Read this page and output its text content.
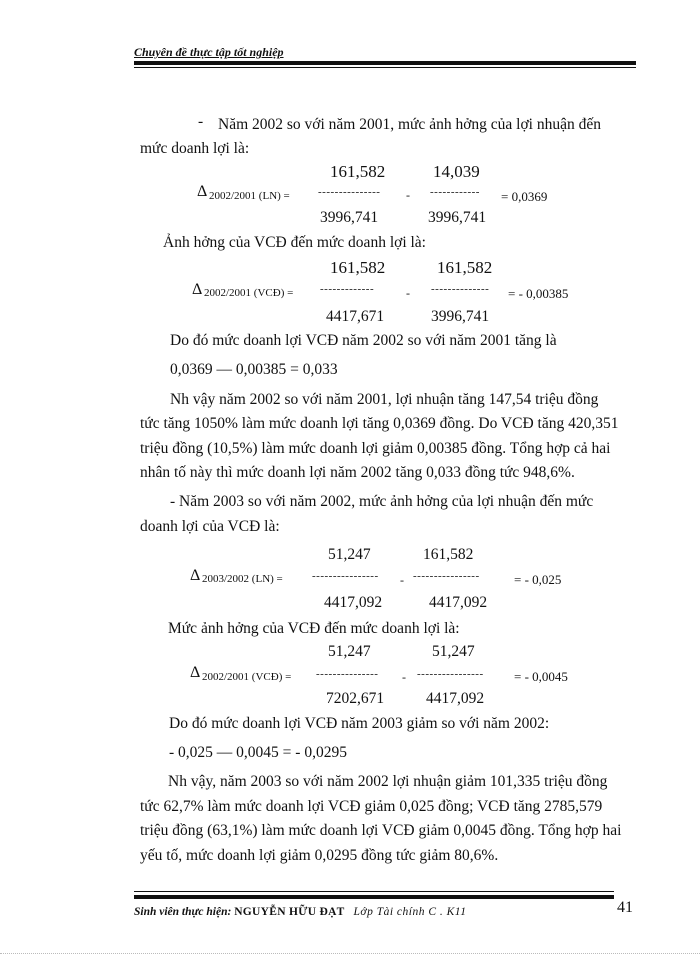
Chuyên đề thực tập tốt nghiệp
- Năm 2002 so với năm 2001, mức ảnh hởng của lợi nhuận đến
mức doanh lợi là:
161,582	14,039
Δ 2002/2001 (LN) =	--------------- - ------------ = 0,0369
3996,741	3996,741
Ảnh hởng của VCĐ đến mức doanh lợi là:
161,582	161,582
Δ 2002/2001 (VCĐ) = -------------	- -------------- = - 0,00385
4417,671	3996,741
Do đó mức doanh lợi VCĐ năm 2002 so với năm 2001 tăng là
0,0369 — 0,00385 = 0,033
Nh vậy năm 2002 so với năm 2001, lợi nhuận tăng 147,54 triệu đồng
tức tăng 1050% làm mức doanh lợi tăng 0,0369 đồng. Do VCĐ tăng 420,351
triệu đồng (10,5%) làm mức doanh lợi giảm 0,00385 đồng. Tổng hợp cả hai
nhân tố này thì mức doanh lợi năm 2002 tăng 0,033 đồng tức 948,6%.
- Năm 2003 so với năm 2002, mức ảnh hởng của lợi nhuận đến mức
doanh lợi của VCĐ là:
51,247	161,582
Δ 2003/2002 (LN) =	---------------- - ----------------	= - 0,025
4417,092	4417,092
Mức ảnh hởng của VCĐ đến mức doanh lợi là:
51,247	51,247
Δ 2002/2001 (VCĐ) = --------------- - ---------------- = - 0,0045
7202,671	4417,092
Do đó mức doanh lợi VCĐ năm 2003 giảm so với năm 2002:
- 0,025 — 0,0045 = - 0,0295
Nh vậy, năm 2003 so với năm 2002 lợi nhuận giảm 101,335 triệu đồng
tức 62,7% làm mức doanh lợi VCĐ giảm 0,025 đồng; VCĐ tăng 2785,579
triệu đồng (63,1%) làm mức doanh lợi VCĐ giảm 0,0045 đồng. Tổng hợp hai
yếu tố, mức doanh lợi giảm 0,0295 đồng tức giảm 80,6%.
Sinh viên thực hiện: NGUYỄN HỮU ĐẠT Lớp Tài chính C . K11	41
